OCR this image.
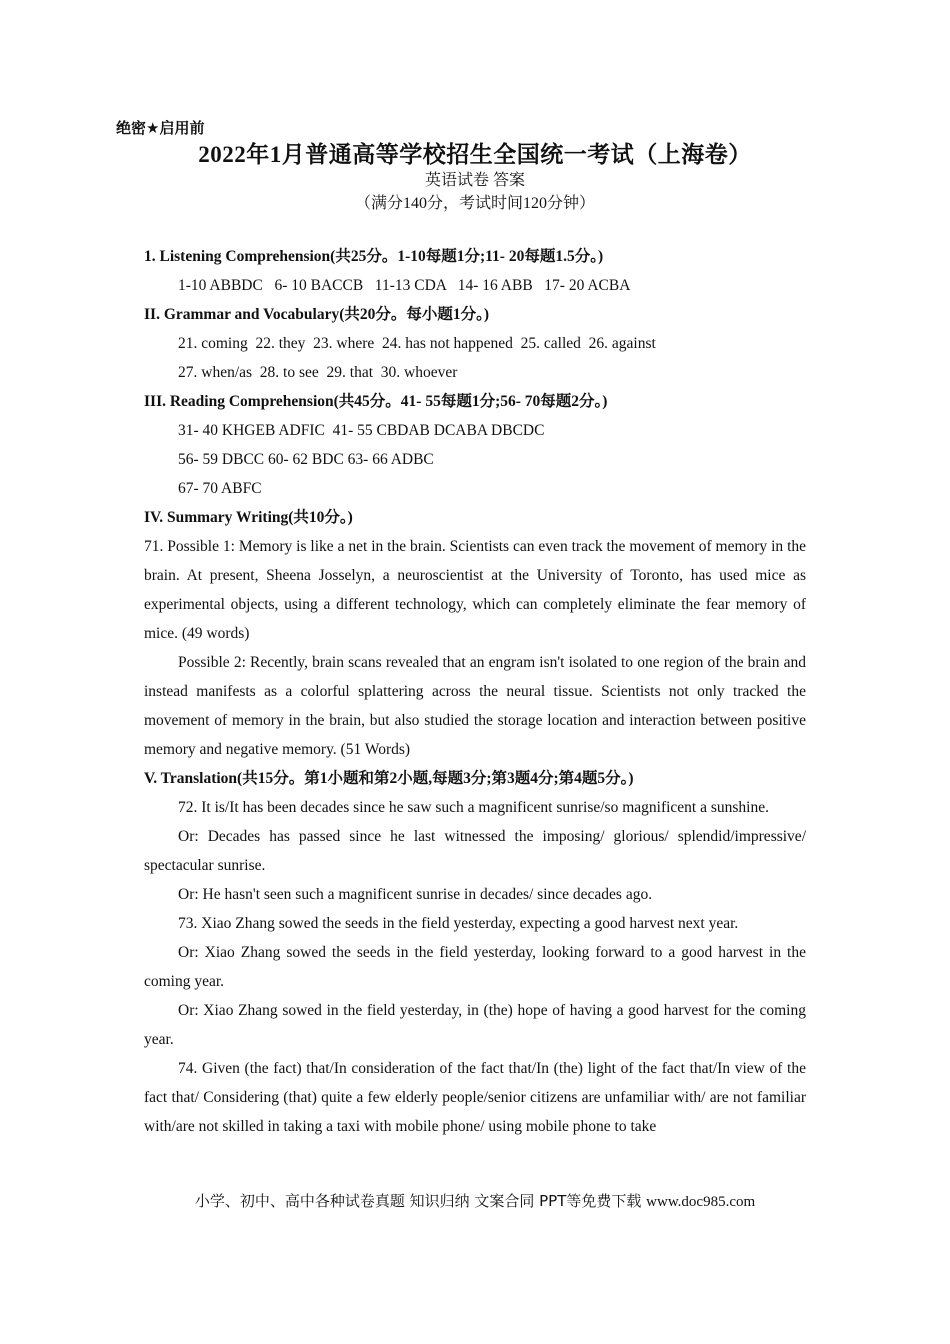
绝密★启用前
2022年1月普通高等学校招生全国统一考试（上海卷）
英语试卷 答案
（满分140分，考试时间120分钟）

1. Listening Comprehension(共25分。1-10每题1分;11- 20每题1.5分。)

1-10 ABBDC   6- 10 BACCB   11-13 CDA   14- 16 ABB   17- 20 ACBA

II. Grammar and Vocabulary(共20分。每小题1分。)

21. coming  22. they  23. where  24. has not happened  25. called  26. against

27. when/as  28. to see  29. that  30. whoever

III. Reading Comprehension(共45分。41- 55每题1分;56- 70每题2分。)

31- 40 KHGEB ADFIC  41- 55 CBDAB DCABA DBCDC

56- 59 DBCC 60- 62 BDC 63- 66 ADBC

67- 70 ABFC

IV. Summary Writing(共10分。)

71. Possible 1: Memory is like a net in the brain. Scientists can even track the movement of memory in the brain. At present, Sheena Josselyn, a neuroscientist at the University of Toronto, has used mice as experimental objects, using a different technology, which can completely eliminate the fear memory of mice. (49 words)

Possible 2: Recently, brain scans revealed that an engram isn't isolated to one region of the brain and instead manifests as a colorful splattering across the neural tissue. Scientists not only tracked the movement of memory in the brain, but also studied the storage location and interaction between positive memory and negative memory. (51 Words)

V. Translation(共15分。第1小题和第2小题,每题3分;第3题4分;第4题5分。)

72. It is/It has been decades since he saw such a magnificent sunrise/so magnificent a sunshine.

Or: Decades has passed since he last witnessed the imposing/ glorious/ splendid/impressive/ spectacular sunrise.

Or: He hasn't seen such a magnificent sunrise in decades/ since decades ago.

73. Xiao Zhang sowed the seeds in the field yesterday, expecting a good harvest next year.

Or: Xiao Zhang sowed the seeds in the field yesterday, looking forward to a good harvest in the coming year.

Or: Xiao Zhang sowed in the field yesterday, in (the) hope of having a good harvest for the coming year.

74. Given (the fact) that/In consideration of the fact that/In (the) light of the fact that/In view of the fact that/ Considering (that) quite a few elderly people/senior citizens are unfamiliar with/ are not familiar with/are not skilled in taking a taxi with mobile phone/ using mobile phone to take

小学、初中、高中各种试卷真题 知识归纳 文案合同 PPT等免费下载 www.doc985.com
